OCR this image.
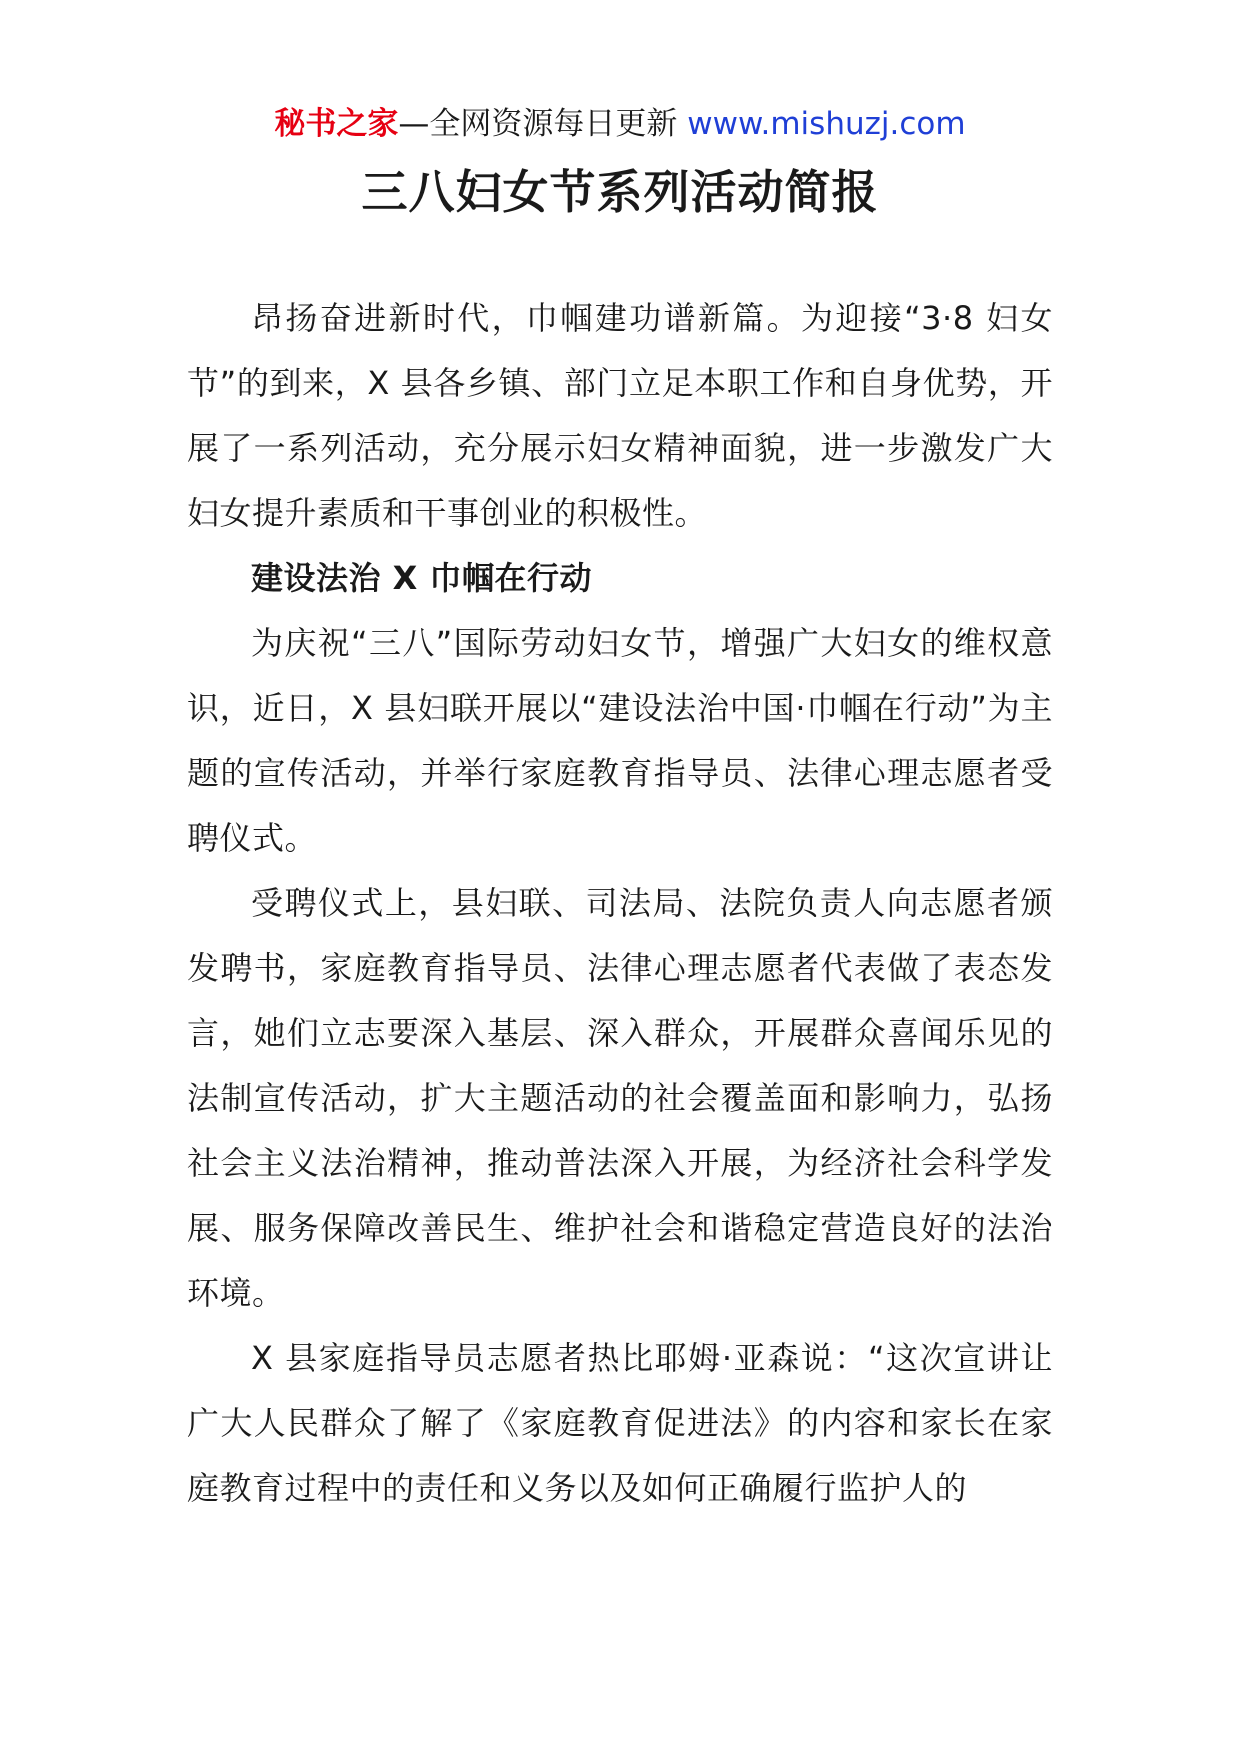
秘书之家—全网资源每日更新 www.mishuzj.com
三八妇女节系列活动简报

昂扬奋进新时代，巾帼建功谱新篇。为迎接“3·8 妇女节”的到来，X 县各乡镇、部门立足本职工作和自身优势，开展了一系列活动，充分展示妇女精神面貌，进一步激发广大妇女提升素质和干事创业的积极性。

建设法治 X 巾帼在行动

为庆祝“三八”国际劳动妇女节，增强广大妇女的维权意识，近日，X 县妇联开展以“建设法治中国·巾帼在行动”为主题的宣传活动，并举行家庭教育指导员、法律心理志愿者受聘仪式。

受聘仪式上，县妇联、司法局、法院负责人向志愿者颁发聘书，家庭教育指导员、法律心理志愿者代表做了表态发言，她们立志要深入基层、深入群众，开展群众喜闻乐见的法制宣传活动，扩大主题活动的社会覆盖面和影响力，弘扬社会主义法治精神，推动普法深入开展，为经济社会科学发展、服务保障改善民生、维护社会和谐稳定营造良好的法治环境。

X 县家庭指导员志愿者热比耶姆·亚森说：“这次宣讲让广大人民群众了解了《家庭教育促进法》的内容和家长在家庭教育过程中的责任和义务以及如何正确履行监护人的
